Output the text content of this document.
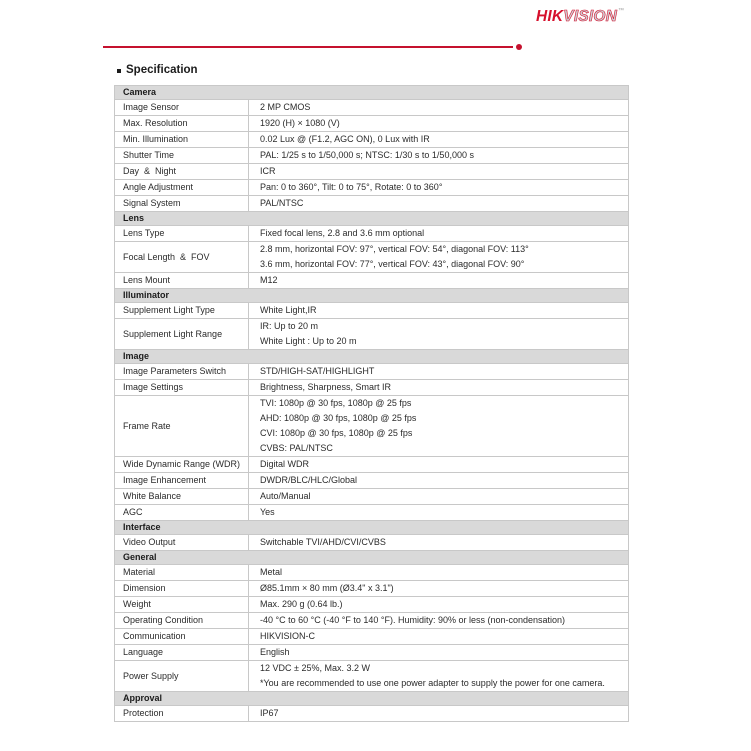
HIKVISION™
Specification
Camera	
Image Sensor	2 MP CMOS

Max. Resolution	1920 (H) × 1080 (V)

Min. Illumination	0.02 Lux @ (F1.2, AGC ON), 0 Lux with IR

Shutter Time	PAL: 1/25 s to 1/50,000 s; NTSC: 1/30 s to 1/50,000 s

Day  &  Night	ICR

Angle Adjustment	Pan: 0 to 360°, Tilt: 0 to 75°, Rotate: 0 to 360°

Signal System	PAL/NTSC

Lens	
Lens Type	Fixed focal lens, 2.8 and 3.6 mm optional

Focal Length  &  FOV	2.8 mm, horizontal FOV: 97°, vertical FOV: 54°, diagonal FOV: 113°
3.6 mm, horizontal FOV: 77°, vertical FOV: 43°, diagonal FOV: 90°

Lens Mount	M12

Illuminator	
Supplement Light Type	White Light,IR

Supplement Light Range	IR: Up to 20 m
White Light : Up to 20 m

Image	
Image Parameters Switch	STD/HIGH-SAT/HIGHLIGHT

Image Settings	Brightness, Sharpness, Smart IR

Frame Rate	TVI: 1080p @ 30 fps, 1080p @ 25 fps
AHD: 1080p @ 30 fps, 1080p @ 25 fps
CVI: 1080p @ 30 fps, 1080p @ 25 fps
CVBS: PAL/NTSC

Wide Dynamic Range (WDR)	Digital WDR

Image Enhancement	DWDR/BLC/HLC/Global

White Balance	Auto/Manual

AGC	Yes

Interface	
Video Output	Switchable TVI/AHD/CVI/CVBS

General	
Material	Metal

Dimension	Ø85.1mm × 80 mm (Ø3.4" x 3.1")

Weight	Max. 290 g (0.64 lb.)

Operating Condition	-40 °C to 60 °C (-40 °F to 140 °F). Humidity: 90% or less (non-condensation)

Communication	HIKVISION-C

Language	English

Power Supply	12 VDC ± 25%, Max. 3.2 W
*You are recommended to use one power adapter to supply the power for one camera.

Approval	
Protection	IP67
